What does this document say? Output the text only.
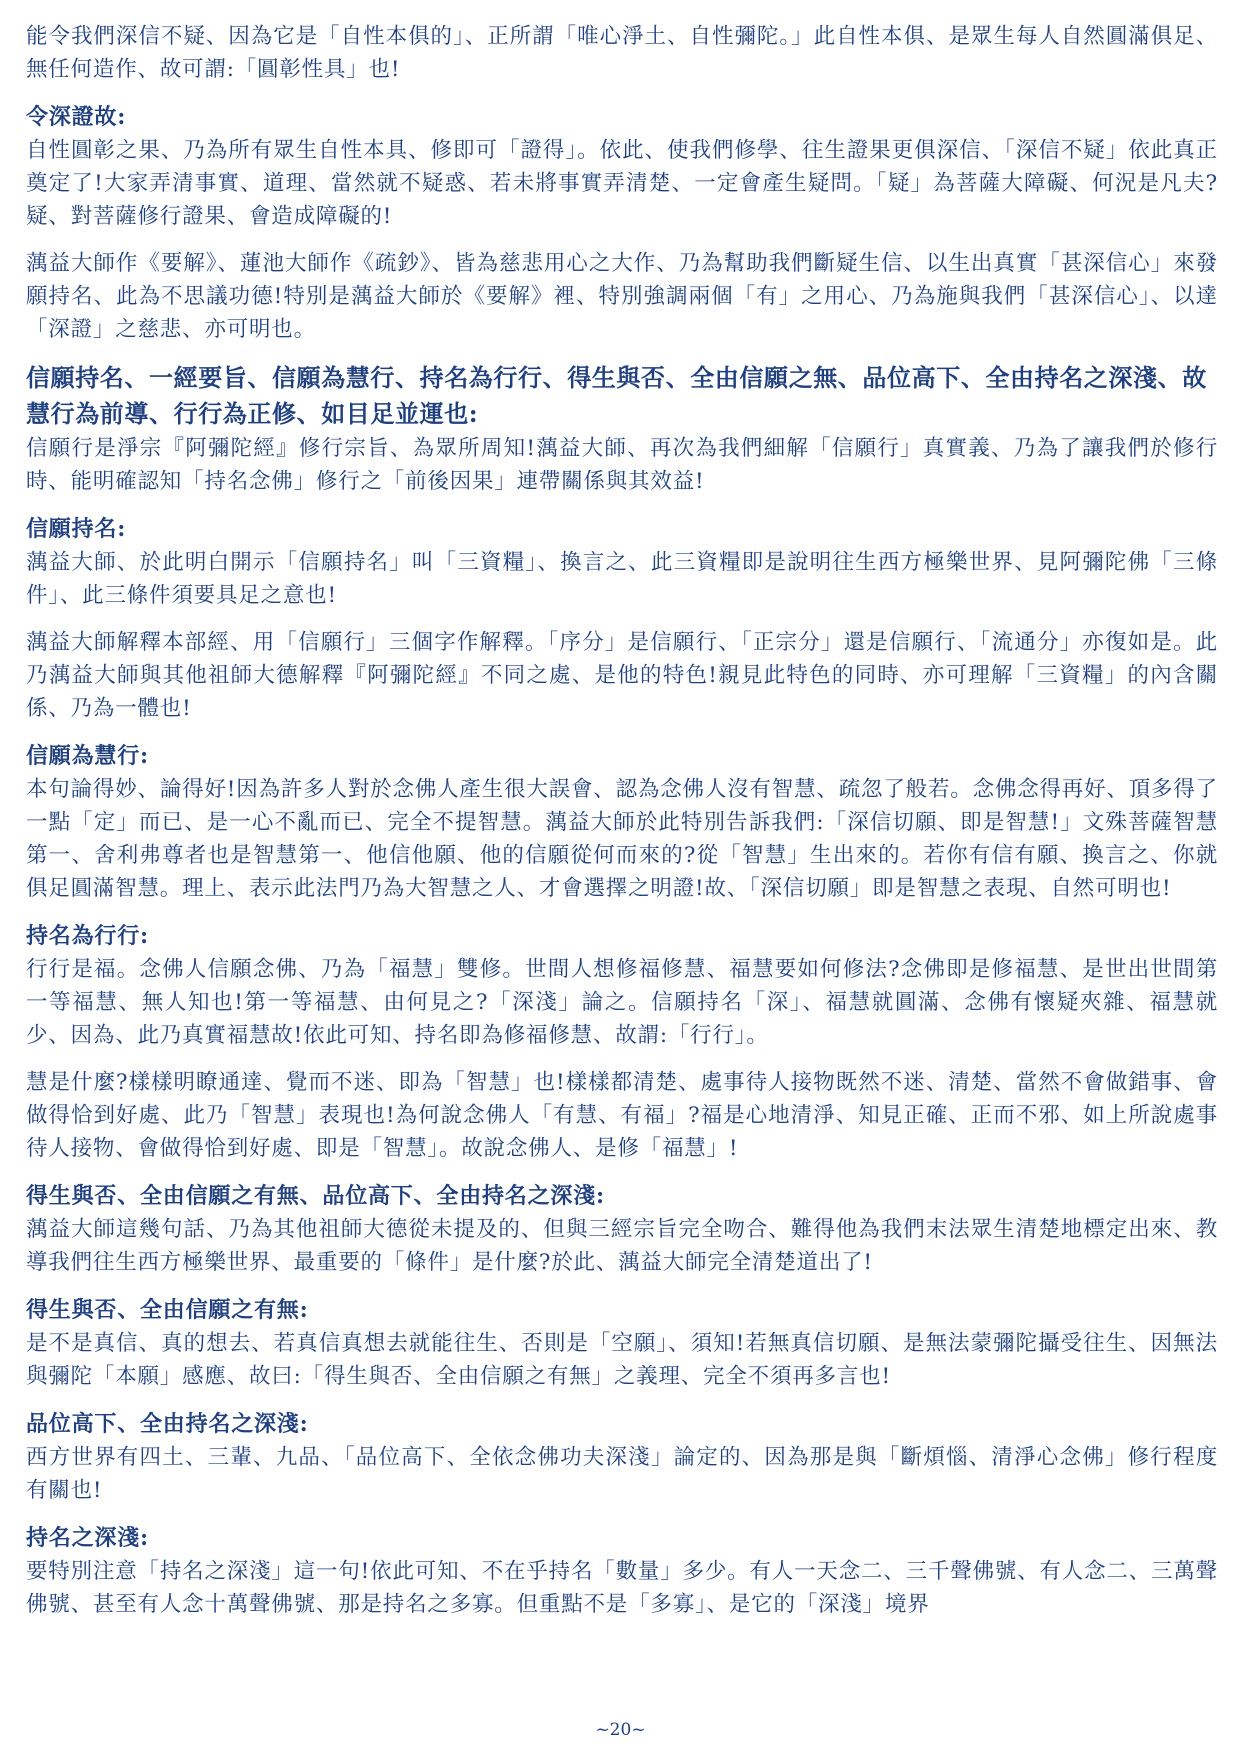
能令我們深信不疑、因為它是「自性本俱的」、正所謂「唯心淨土、自性彌陀。」此自性本俱、是眾生每人自然圓滿俱足、無任何造作、故可謂:「圓彰性具」也!

令深證故:

自性圓彰之果、乃為所有眾生自性本具、修即可「證得」。依此、使我們修學、往生證果更俱深信、「深信不疑」依此真正奠定了!大家弄清事實、道理、當然就不疑惑、若未將事實弄清楚、一定會產生疑問。「疑」為菩薩大障礙、何況是凡夫?疑、對菩薩修行證果、會造成障礙的!

蕅益大師作《要解》、蓮池大師作《疏鈔》、皆為慈悲用心之大作、乃為幫助我們斷疑生信、以生出真實「甚深信心」來發願持名、此為不思議功德!特別是蕅益大師於《要解》裡、特別強調兩個「有」之用心、乃為施與我們「甚深信心」、以達「深證」之慈悲、亦可明也。

信願持名、一經要旨、信願為慧行、持名為行行、得生與否、全由信願之無、品位高下、全由持名之深淺、故慧行為前導、行行為正修、如目足並運也:

信願行是淨宗『阿彌陀經』修行宗旨、為眾所周知!蕅益大師、再次為我們細解「信願行」真實義、乃為了讓我們於修行時、能明確認知「持名念佛」修行之「前後因果」連帶關係與其效益!

信願持名:

蕅益大師、於此明白開示「信願持名」叫「三資糧」、換言之、此三資糧即是說明往生西方極樂世界、見阿彌陀佛「三條件」、此三條件須要具足之意也!

蕅益大師解釋本部經、用「信願行」三個字作解釋。「序分」是信願行、「正宗分」還是信願行、「流通分」亦復如是。此乃蕅益大師與其他祖師大德解釋『阿彌陀經』不同之處、是他的特色!親見此特色的同時、亦可理解「三資糧」的內含關係、乃為一體也!

信願為慧行:

本句論得妙、論得好!因為許多人對於念佛人產生很大誤會、認為念佛人沒有智慧、疏忽了般若。念佛念得再好、頂多得了一點「定」而已、是一心不亂而已、完全不提智慧。蕅益大師於此特別告訴我們:「深信切願、即是智慧!」文殊菩薩智慧第一、舍利弗尊者也是智慧第一、他信他願、他的信願從何而來的?從「智慧」生出來的。若你有信有願、換言之、你就俱足圓滿智慧。理上、表示此法門乃為大智慧之人、才會選擇之明證!故、「深信切願」即是智慧之表現、自然可明也!

持名為行行:

行行是福。念佛人信願念佛、乃為「福慧」雙修。世間人想修福修慧、福慧要如何修法?念佛即是修福慧、是世出世間第一等福慧、無人知也!第一等福慧、由何見之?「深淺」論之。信願持名「深」、福慧就圓滿、念佛有懷疑夾雜、福慧就少、因為、此乃真實福慧故!依此可知、持名即為修福修慧、故謂:「行行」。

慧是什麼?樣樣明瞭通達、覺而不迷、即為「智慧」也!樣樣都清楚、處事待人接物既然不迷、清楚、當然不會做錯事、會做得恰到好處、此乃「智慧」表現也!為何說念佛人「有慧、有福」?福是心地清淨、知見正確、正而不邪、如上所說處事待人接物、會做得恰到好處、即是「智慧」。故說念佛人、是修「福慧」!

得生與否、全由信願之有無、品位高下、全由持名之深淺:

蕅益大師這幾句話、乃為其他祖師大德從未提及的、但與三經宗旨完全吻合、難得他為我們末法眾生清楚地標定出來、教導我們往生西方極樂世界、最重要的「條件」是什麼?於此、蕅益大師完全清楚道出了!

得生與否、全由信願之有無:

是不是真信、真的想去、若真信真想去就能往生、否則是「空願」、須知!若無真信切願、是無法蒙彌陀攝受往生、因無法與彌陀「本願」感應、故曰:「得生與否、全由信願之有無」之義理、完全不須再多言也!

品位高下、全由持名之深淺:

西方世界有四土、三輩、九品、「品位高下、全依念佛功夫深淺」論定的、因為那是與「斷煩惱、清淨心念佛」修行程度有關也!

持名之深淺:

要特別注意「持名之深淺」這一句!依此可知、不在乎持名「數量」多少。有人一天念二、三千聲佛號、有人念二、三萬聲佛號、甚至有人念十萬聲佛號、那是持名之多寡。但重點不是「多寡」、是它的「深淺」境界

~20~
